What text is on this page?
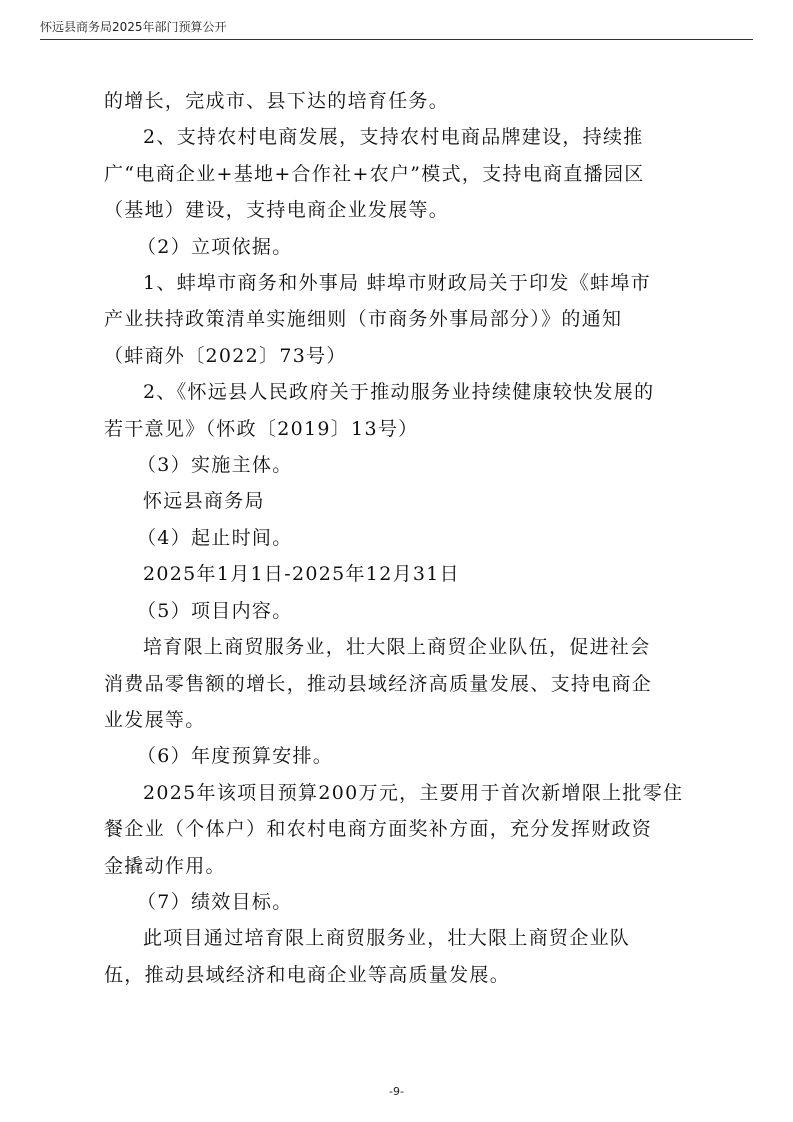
怀远县商务局2025年部门预算公开
的增长，完成市、县下达的培育任务。
2、支持农村电商发展，支持农村电商品牌建设，持续推
广“电商企业+基地+合作社+农户”模式，支持电商直播园区
（基地）建设，支持电商企业发展等。
（2）立项依据。
1、蚌埠市商务和外事局 蚌埠市财政局关于印发《蚌埠市
产业扶持政策清单实施细则（市商务外事局部分）》的通知
（蚌商外〔2022〕73号）
2、《怀远县人民政府关于推动服务业持续健康较快发展的
若干意见》（怀政〔2019〕13号）
（3）实施主体。
怀远县商务局
（4）起止时间。
2025年1月1日-2025年12月31日
（5）项目内容。
培育限上商贸服务业，壮大限上商贸企业队伍，促进社会
消费品零售额的增长，推动县域经济高质量发展、支持电商企
业发展等。
（6）年度预算安排。
2025年该项目预算200万元，主要用于首次新增限上批零住
餐企业（个体户）和农村电商方面奖补方面，充分发挥财政资
金撬动作用。
（7）绩效目标。
此项目通过培育限上商贸服务业，壮大限上商贸企业队
伍，推动县域经济和电商企业等高质量发展。
-9-
